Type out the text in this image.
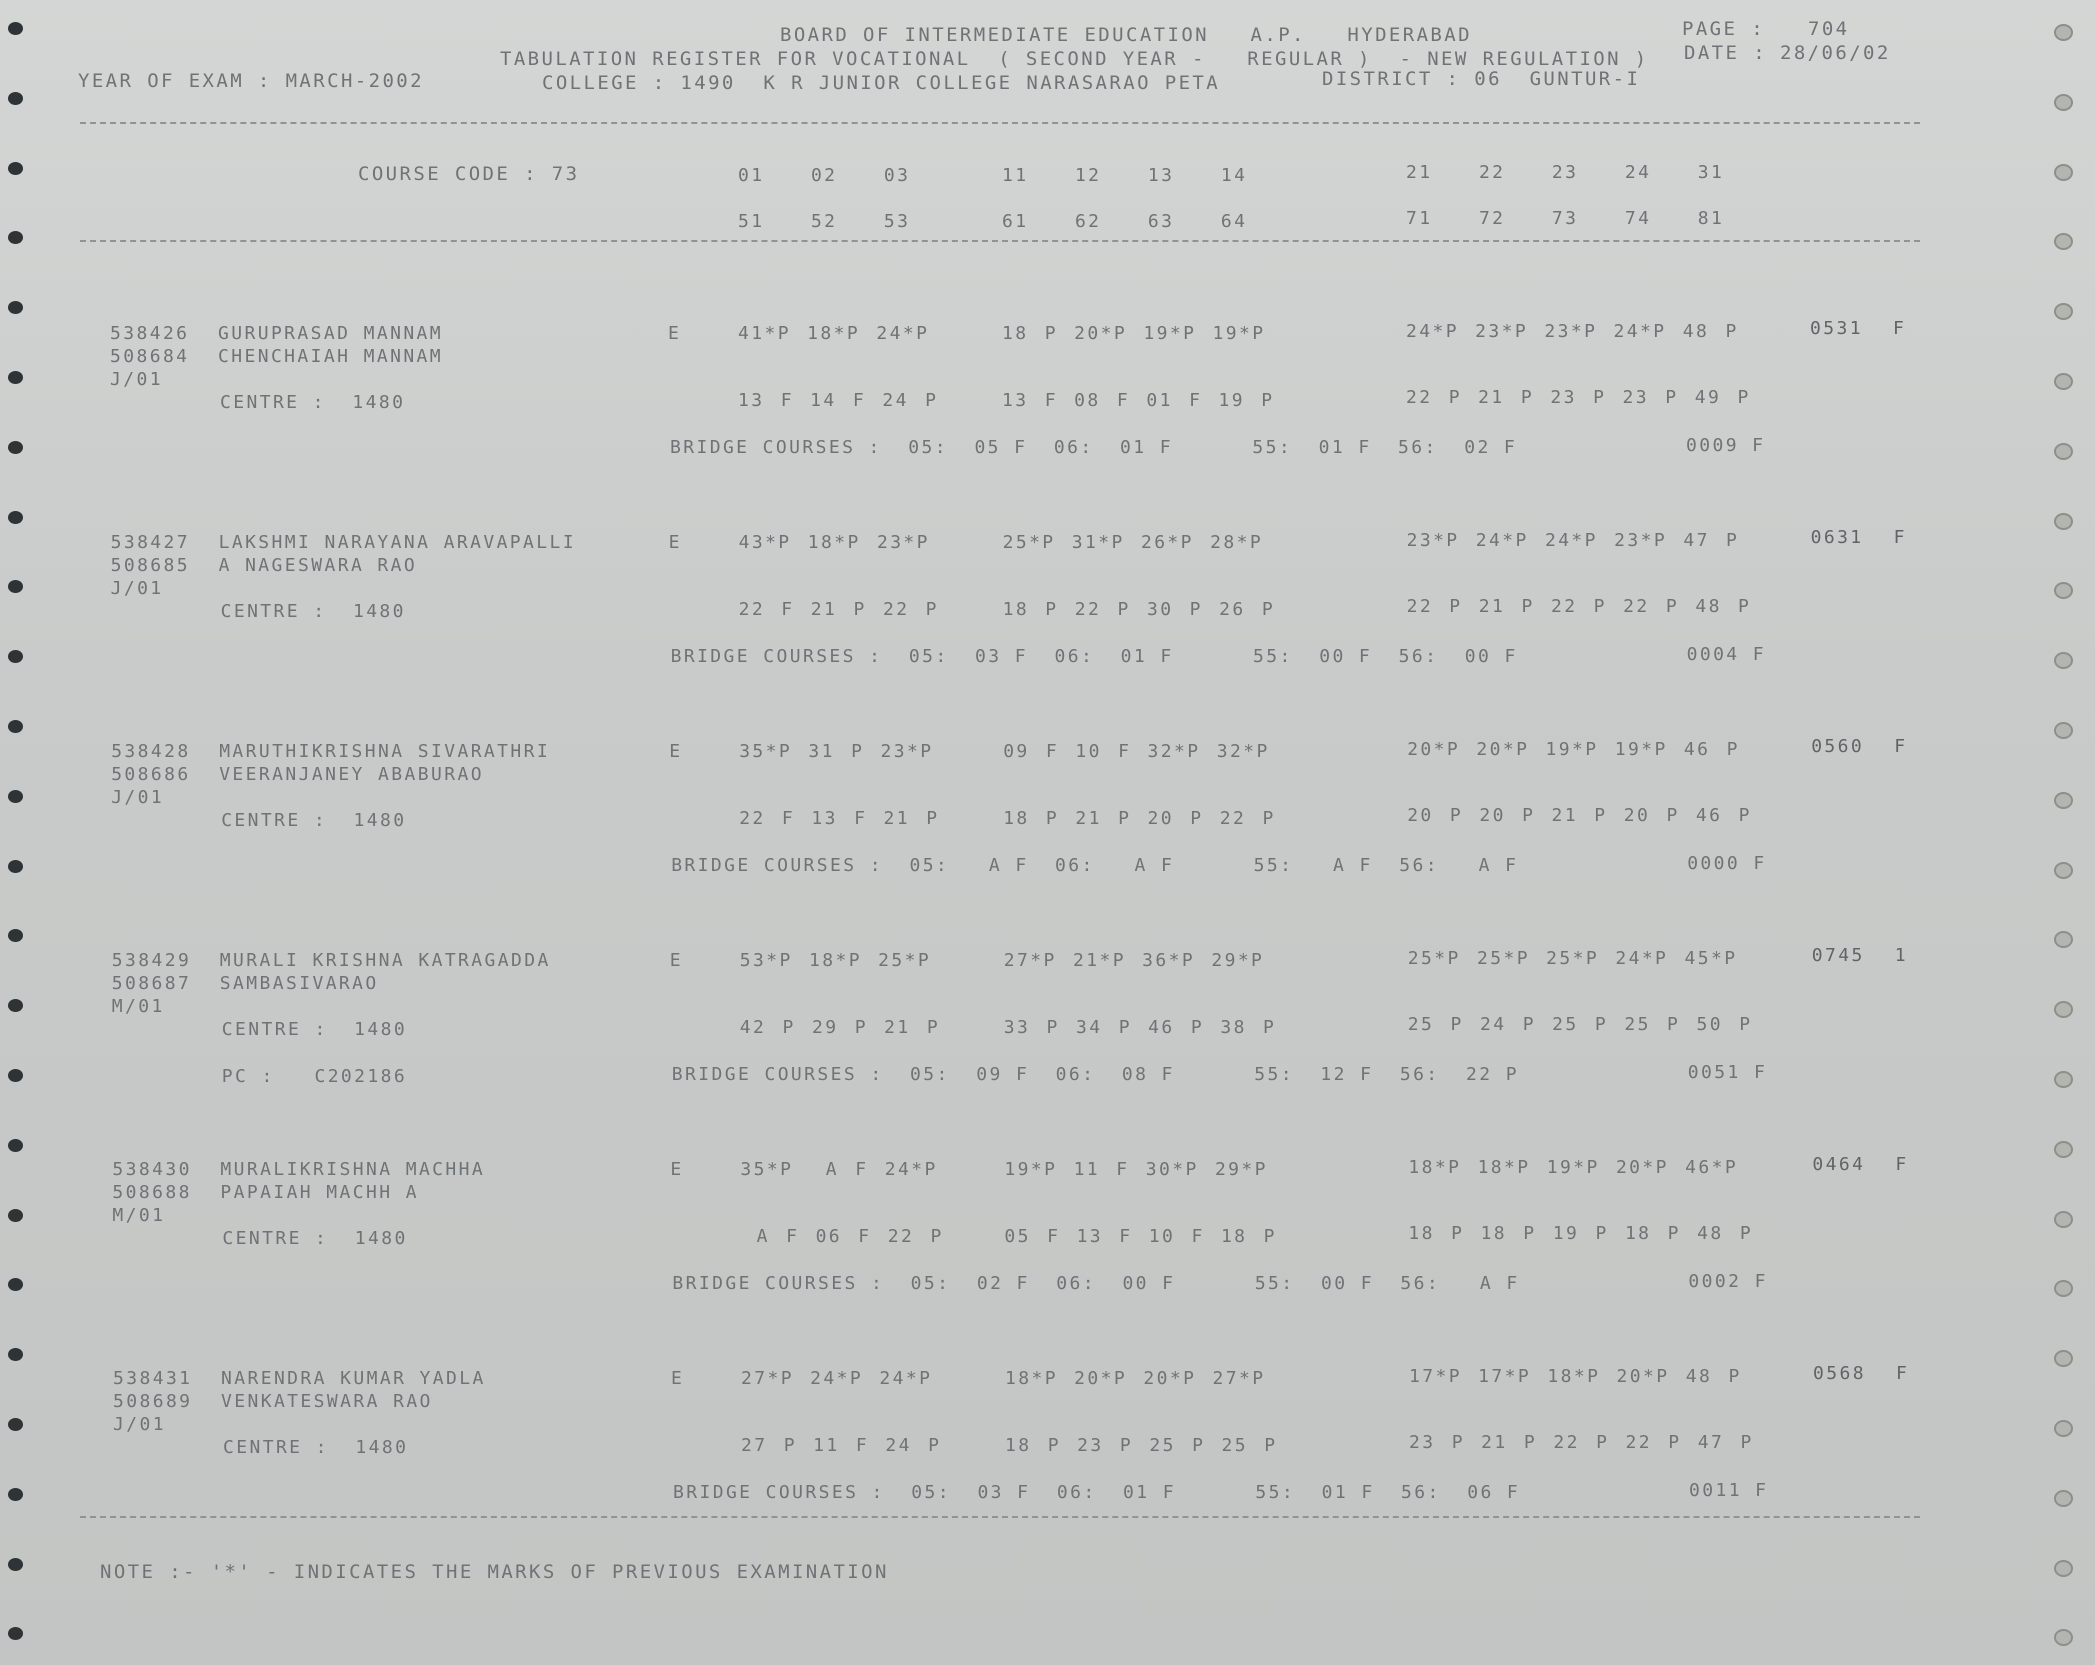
BOARD OF INTERMEDIATE EDUCATION   A.P.   HYDERABAD	PAGE : 704
TABULATION REGISTER FOR VOCATIONAL  ( SECOND YEAR -   REGULAR )  - NEW REGULATION ) DATE : 28/06/02
YEAR OF EXAM : MARCH-2002	COLLEGE : 1490  K R JUNIOR COLLEGE NARASARAO PETA	DISTRICT : 06  GUNTUR-I
COURSE CODE : 73	01  02  03	11  12  13  14	21  22  23  24  31
51  52  53	61  62  63  64	71  72  73  74  81
538426 GURUPRASAD MANNAM	E	41*P 18*P 24*P	18 P 20*P 19*P 19*P	24*P 23*P 23*P 24*P 48 P	0531 F
508684 CHENCHAIAH MANNAM
J/01
CENTRE :  1480	13 F 14 F 24 P	13 F 08 F 01 F 19 P	22 P 21 P 23 P 23 P 49 P
BRIDGE COURSES :  05:  05 F  06:  01 F      55:  01 F  56:  02 F	0009 F
538427 LAKSHMI NARAYANA ARAVAPALLI	E	43*P 18*P 23*P	25*P 31*P 26*P 28*P	23*P 24*P 24*P 23*P 47 P	0631 F
508685 A NAGESWARA RAO
J/01
CENTRE :  1480	22 F 21 P 22 P	18 P 22 P 30 P 26 P	22 P 21 P 22 P 22 P 48 P
BRIDGE COURSES :  05:  03 F  06:  01 F      55:  00 F  56:  00 F	0004 F
538428 MARUTHIKRISHNA SIVARATHRI	E	35*P 31 P 23*P	09 F 10 F 32*P 32*P	20*P 20*P 19*P 19*P 46 P	0560 F
508686 VEERANJANEY ABABURAO
J/01
CENTRE :  1480	22 F 13 F 21 P	18 P 21 P 20 P 22 P	20 P 20 P 21 P 20 P 46 P
BRIDGE COURSES :  05:   A F  06:   A F      55:   A F  56:   A F	0000 F
538429 MURALI KRISHNA KATRAGADDA	E	53*P 18*P 25*P	27*P 21*P 36*P 29*P	25*P 25*P 25*P 24*P 45*P	0745 1
508687 SAMBASIVARAO
M/01
CENTRE :  1480	42 P 29 P 21 P	33 P 34 P 46 P 38 P	25 P 24 P 25 P 25 P 50 P
PC :   C202186	BRIDGE COURSES :  05:  09 F  06:  08 F      55:  12 F  56:  22 P	0051 F
538430 MURALIKRISHNA MACHHA	E	35*P  A F 24*P	19*P 11 F 30*P 29*P	18*P 18*P 19*P 20*P 46*P	0464 F
508688 PAPAIAH MACHH A
M/01
CENTRE :  1480	A F 06 F 22 P	05 F 13 F 10 F 18 P	18 P 18 P 19 P 18 P 48 P
BRIDGE COURSES :  05:  02 F  06:  00 F      55:  00 F  56:   A F	0002 F
538431 NARENDRA KUMAR YADLA	E	27*P 24*P 24*P	18*P 20*P 20*P 27*P	17*P 17*P 18*P 20*P 48 P	0568 F
508689 VENKATESWARA RAO
J/01
CENTRE :  1480	27 P 11 F 24 P	18 P 23 P 25 P 25 P	23 P 21 P 22 P 22 P 47 P
BRIDGE COURSES :  05:  03 F  06:  01 F      55:  01 F  56:  06 F	0011 F
NOTE :- '*' - INDICATES THE MARKS OF PREVIOUS EXAMINATION
